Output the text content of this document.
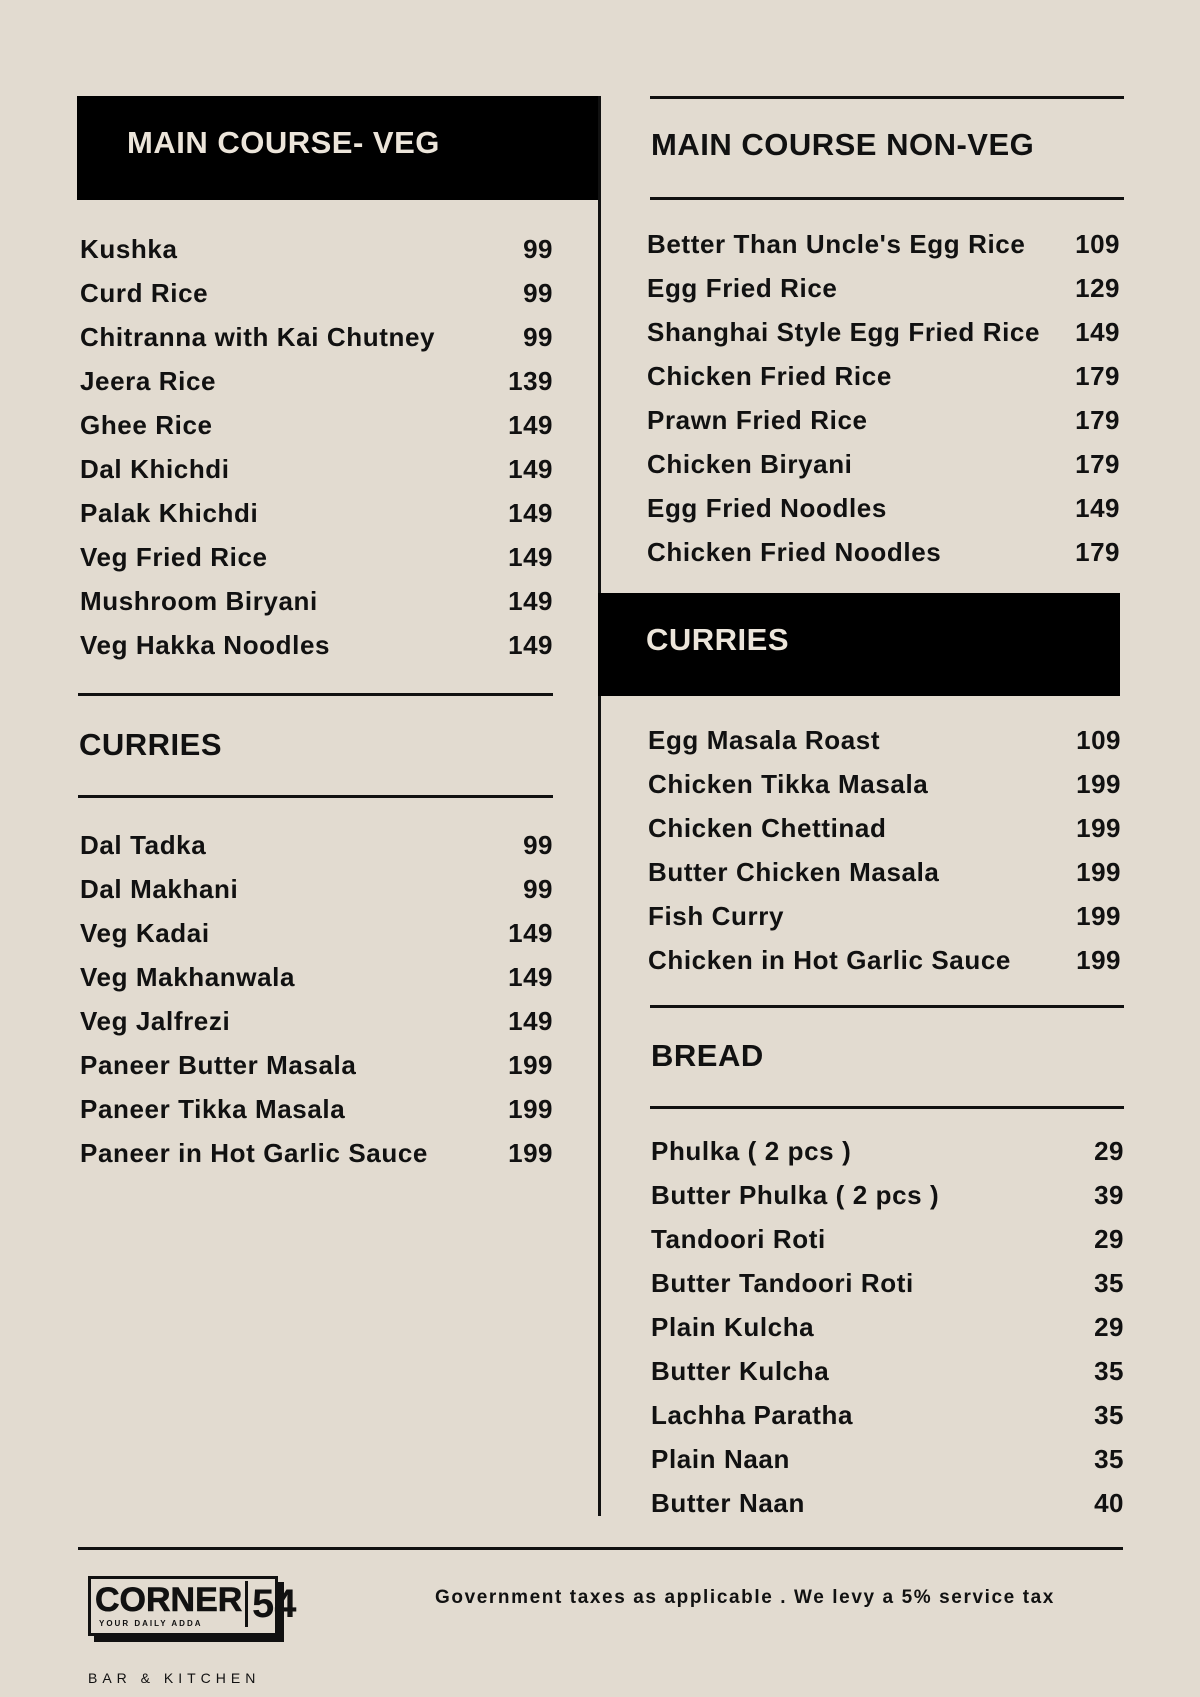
MAIN COURSE- VEG
Kushka	99
Curd Rice	99
Chitranna with Kai Chutney	99
Jeera Rice	139
Ghee Rice	149
Dal Khichdi	149
Palak Khichdi	149
Veg Fried Rice	149
Mushroom Biryani	149
Veg Hakka Noodles	149
CURRIES
Dal Tadka	99
Dal Makhani	99
Veg Kadai	149
Veg Makhanwala	149
Veg Jalfrezi	149
Paneer Butter Masala	199
Paneer Tikka Masala	199
Paneer in Hot Garlic Sauce	199
MAIN COURSE NON-VEG
Better Than Uncle's Egg Rice 109
Egg Fried Rice	129
Shanghai Style Egg Fried Rice 149
Chicken Fried Rice	179
Prawn Fried Rice	179
Chicken Biryani	179
Egg Fried Noodles	149
Chicken Fried Noodles	179
CURRIES
Egg Masala Roast	109
Chicken Tikka Masala	199
Chicken Chettinad	199
Butter Chicken Masala	199
Fish Curry	199
Chicken in Hot Garlic Sauce	199
BREAD
Phulka ( 2 pcs )	29
Butter Phulka ( 2 pcs )	39
Tandoori Roti	29
Butter Tandoori Roti	35
Plain Kulcha	29
Butter Kulcha	35
Lachha Paratha	35
Plain Naan	35
Butter Naan	40
CORNER
YOUR DAILY ADDA 54
BAR & KITCHEN
Government taxes as applicable . We levy a 5% service tax
